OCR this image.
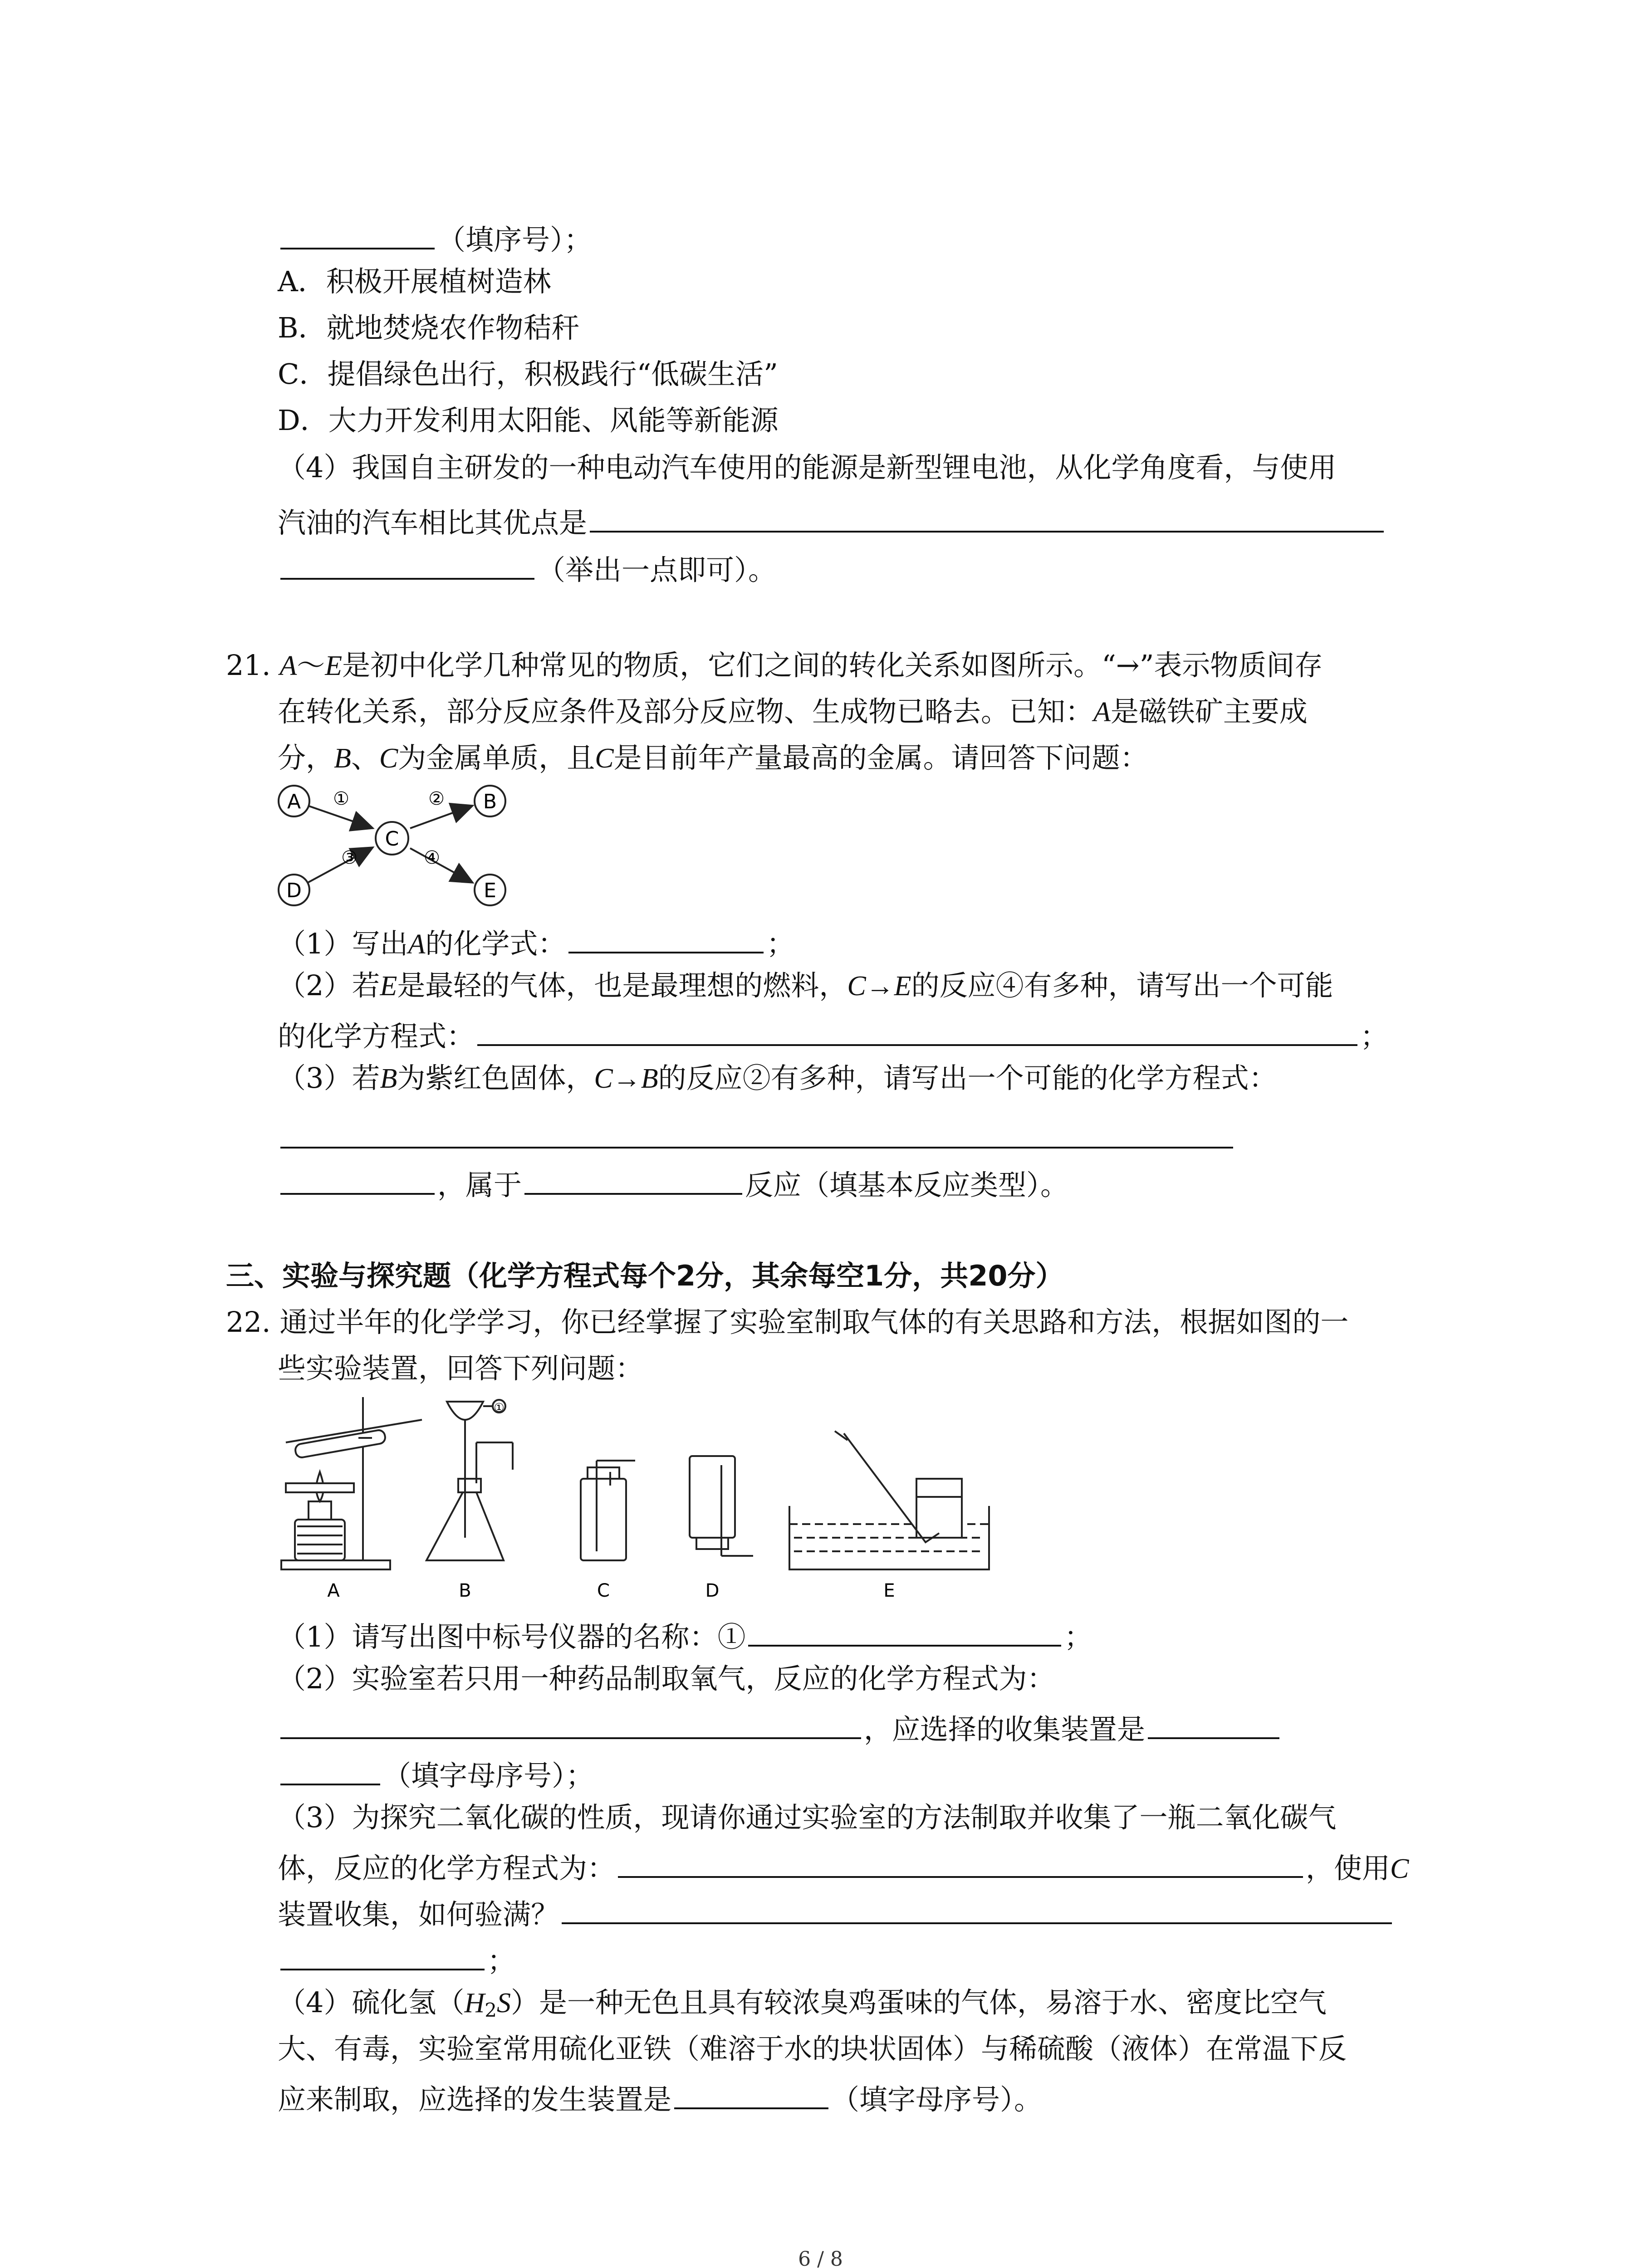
（填序号）；
A．积极开展植树造林
B．就地焚烧农作物秸秆
C．提倡绿色出行，积极践行“低碳生活”
D．大力开发利用太阳能、风能等新能源
（4）我国自主研发的一种电动汽车使用的能源是新型锂电池，从化学角度看，与使用
汽油的汽车相比其优点是
（举出一点即可）。
21. A～E是初中化学几种常见的物质，它们之间的转化关系如图所示。“→”表示物质间存
在转化关系，部分反应条件及部分反应物、生成物已略去。已知：A是磁铁矿主要成
分，B、C为金属单质，且C是目前年产量最高的金属。请回答下问题：
A	B
C
D	E
①	②
③	④
（1）写出A的化学式：	；
（2）若E是最轻的气体，也是最理想的燃料，C→E的反应④有多种，请写出一个可能
的化学方程式：	；
（3）若B为紫红色固体，C→B的反应②有多种，请写出一个可能的化学方程式：
，属于	反应（填基本反应类型）。
三、实验与探究题（化学方程式每个2分，其余每空1分，共20分）
22. 通过半年的化学学习，你已经掌握了实验室制取气体的有关思路和方法，根据如图的一
些实验装置，回答下列问题：
A
①
B	C	D	E
（1）请写出图中标号仪器的名称：①	；
（2）实验室若只用一种药品制取氧气，反应的化学方程式为：
，应选择的收集装置是
（填字母序号）；
（3）为探究二氧化碳的性质，现请你通过实验室的方法制取并收集了一瓶二氧化碳气
体，反应的化学方程式为：	，使用C
装置收集，如何验满？
；
（4）硫化氢$(H_2S)$是一种无色且具有较浓臭鸡蛋味的气体，易溶于水、密度比空气
大、有毒，实验室常用硫化亚铁（难溶于水的块状固体）与稀硫酸（液体）在常温下反
应来制取，应选择的发生装置是	（填字母序号）。
6 / 8
